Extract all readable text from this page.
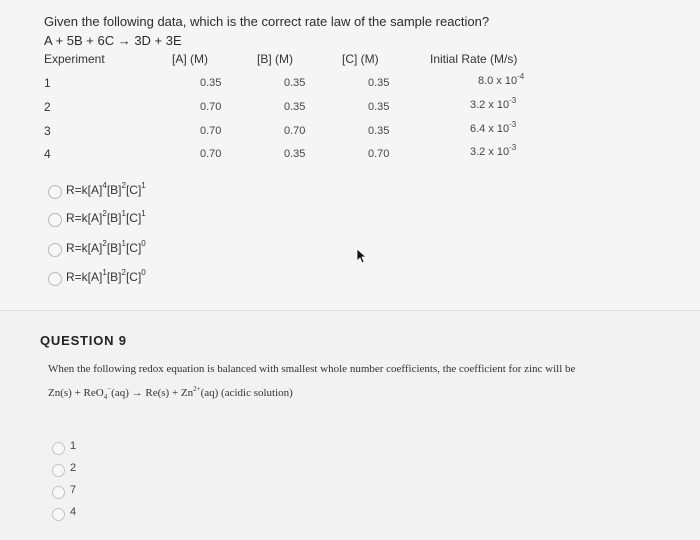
Given the following data, which is the correct rate law of the sample reaction?
A + 5B + 6C → 3D + 3E
Experiment	[A] (M)	[B] (M)	[C] (M)	Initial Rate (M/s)
1	0.35	0.35	0.35	8.0 x $10^{-4}$
2	0.70	0.35	0.35	3.2 x $10^{-3}$
3	0.70	0.70	0.35	6.4 x $10^{-3}$
4	0.70	0.35	0.70	3.2 x $10^{-3}$
$R=k[A]^4[B]^2[C]^1$
$R=k[A]^2[B]^1[C]^1$
$R=k[A]^2[B]^1[C]^0$
$R=k[A]^1[B]^2[C]^0$
QUESTION 9
When the following redox equation is balanced with smallest whole number coefficients, the coefficient for zinc will be
$Zn(s) + ReO_4^-(aq) \to Re(s) + Zn^{2+}(aq)$ (acidic solution)
1
2
7
4
